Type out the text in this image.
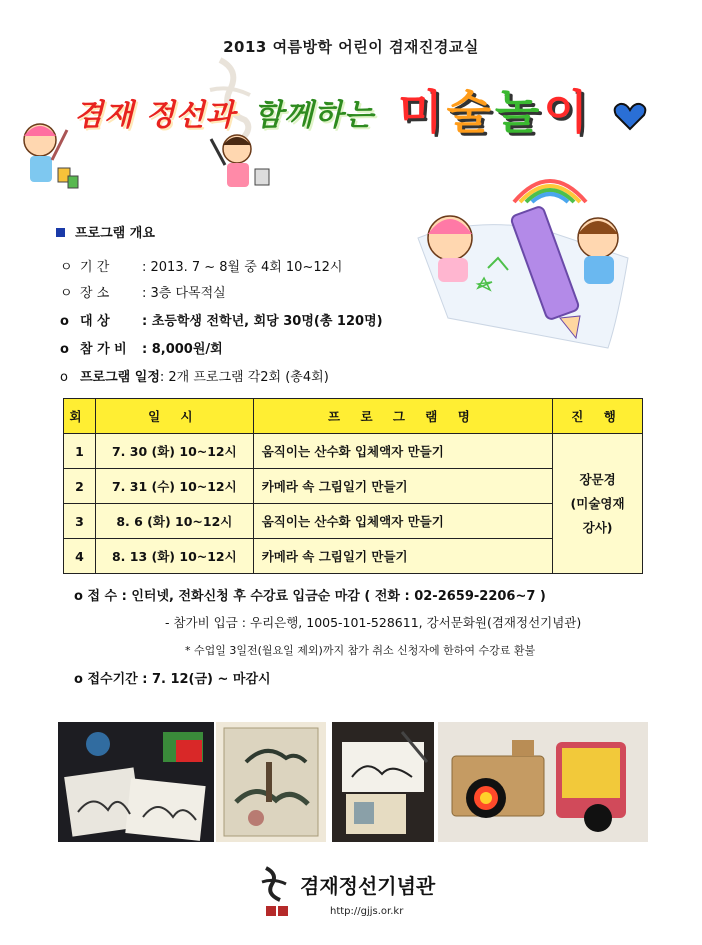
2013 여름방학 어린이 겸재진경교실
겸재 정선과 함께하는 미술놀이
프로그램 개요
ㅇ 기 간	: 2013. 7 ~ 8월 중 4회 10~12시
ㅇ 장 소	: 3층 다목적실
o 대 상 : 초등학생 전학년, 회당 30명(총 120명)
o 참 가 비 : 8,000원/회
o 프로그램 일정: 2개 프로그램 각2회 (총4회)
회	일 시	프 로 그 램 명	진 행
1	7. 30 (화) 10~12시	움직이는 산수화 입체액자 만들기	장문경
(미술영재
강사)

2	7. 31 (수) 10~12시	카메라 속 그림일기 만들기	
3	8. 6 (화) 10~12시	움직이는 산수화 입체액자 만들기	
4	8. 13 (화) 10~12시	카메라 속 그림일기 만들기	
o 접 수 : 인터넷, 전화신청 후 수강료 입금순 마감 ( 전화 : 02-2659-2206~7 )
- 참가비 입금 : 우리은행, 1005-101-528611, 강서문화원(겸재정선기념관)
* 수업일 3일전(월요일 제외)까지 참가 취소 신청자에 한하여 수강료 환불
o 접수기간 : 7. 12(금) ~ 마감시
겸재정선기념관
http://gjjs.or.kr
